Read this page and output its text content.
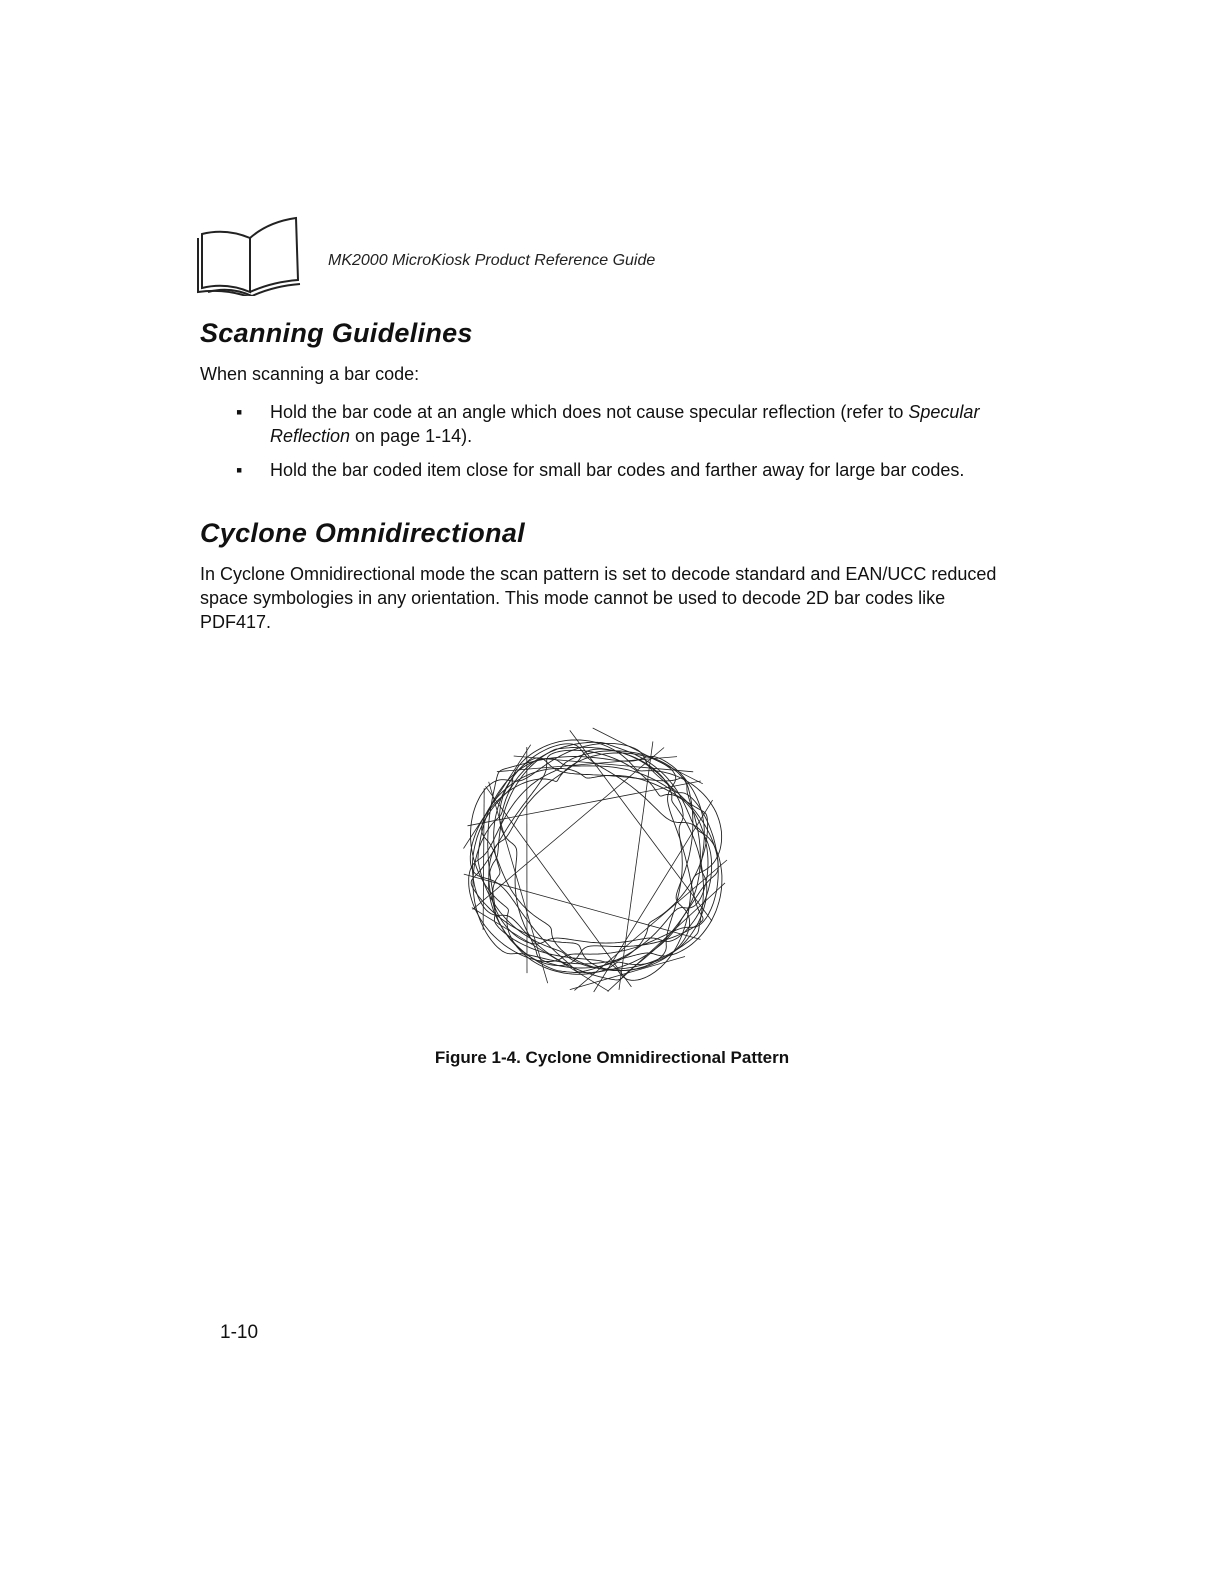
MK2000 MicroKiosk Product Reference Guide
Scanning Guidelines

When scanning a bar code:

▪ Hold the bar code at an angle which does not cause specular reflection (refer to Specular Reflection on page 1-14).
▪ Hold the bar coded item close for small bar codes and farther away for large bar codes.
Cyclone Omnidirectional

In Cyclone Omnidirectional mode the scan pattern is set to decode standard and EAN/UCC reduced space symbologies in any orientation. This mode cannot be used to decode 2D bar codes like PDF417.

Figure 1-4. Cyclone Omnidirectional Pattern
1-10
